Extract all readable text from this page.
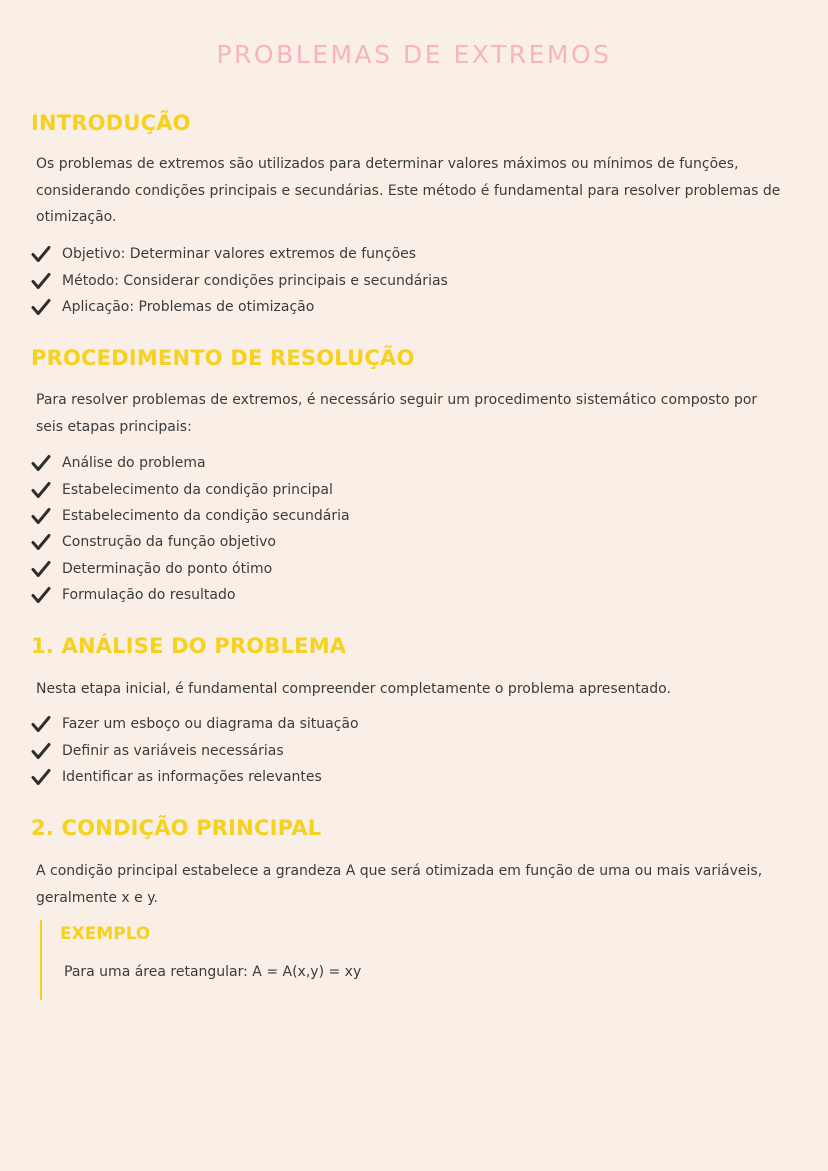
PROBLEMAS DE EXTREMOS
INTRODUÇÃO
Os problemas de extremos são utilizados para determinar valores máximos ou mínimos de funções, considerando condições principais e secundárias. Este método é fundamental para resolver problemas de otimização.
Objetivo: Determinar valores extremos de funções
Método: Considerar condições principais e secundárias
Aplicação: Problemas de otimização
PROCEDIMENTO DE RESOLUÇÃO
Para resolver problemas de extremos, é necessário seguir um procedimento sistemático composto por seis etapas principais:
Análise do problema
Estabelecimento da condição principal
Estabelecimento da condição secundária
Construção da função objetivo
Determinação do ponto ótimo
Formulação do resultado
1. ANÁLISE DO PROBLEMA
Nesta etapa inicial, é fundamental compreender completamente o problema apresentado.
Fazer um esboço ou diagrama da situação
Definir as variáveis necessárias
Identificar as informações relevantes
2. CONDIÇÃO PRINCIPAL
A condição principal estabelece a grandeza A que será otimizada em função de uma ou mais variáveis, geralmente x e y.
EXEMPLO
Para uma área retangular: A = A(x,y) = xy
